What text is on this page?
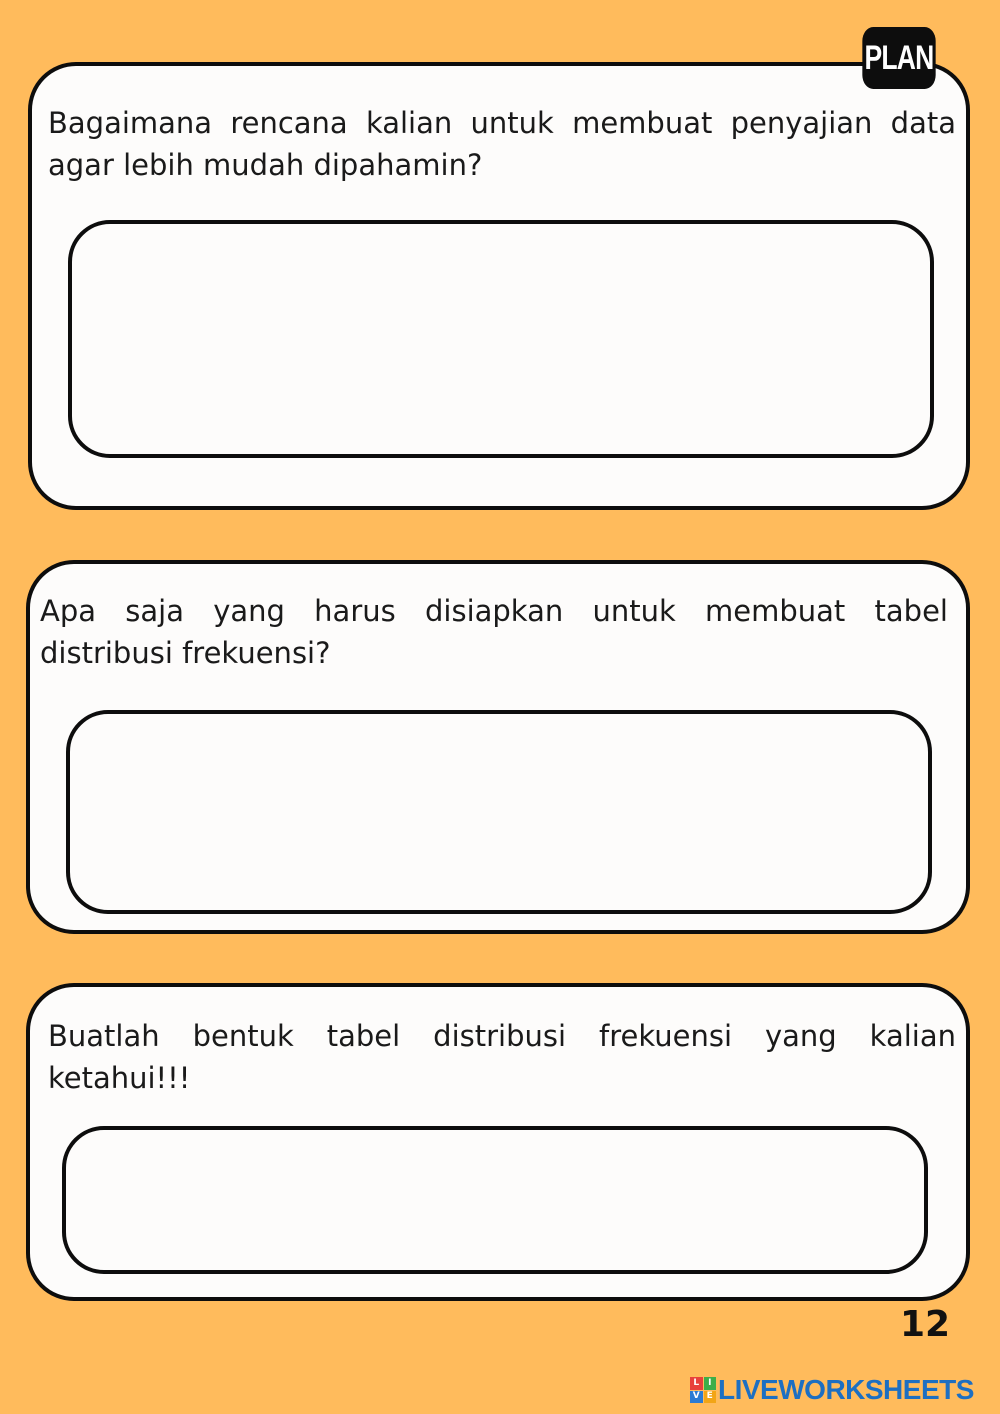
PLAN

Bagaimana rencana kalian untuk membuat penyajian data agar lebih mudah dipahamin?

Apa saja yang harus disiapkan untuk membuat tabel distribusi frekuensi?

Buatlah bentuk tabel distribusi frekuensi yang kalian ketahui!!!

12
L I
V E LIVEWORKSHEETS
